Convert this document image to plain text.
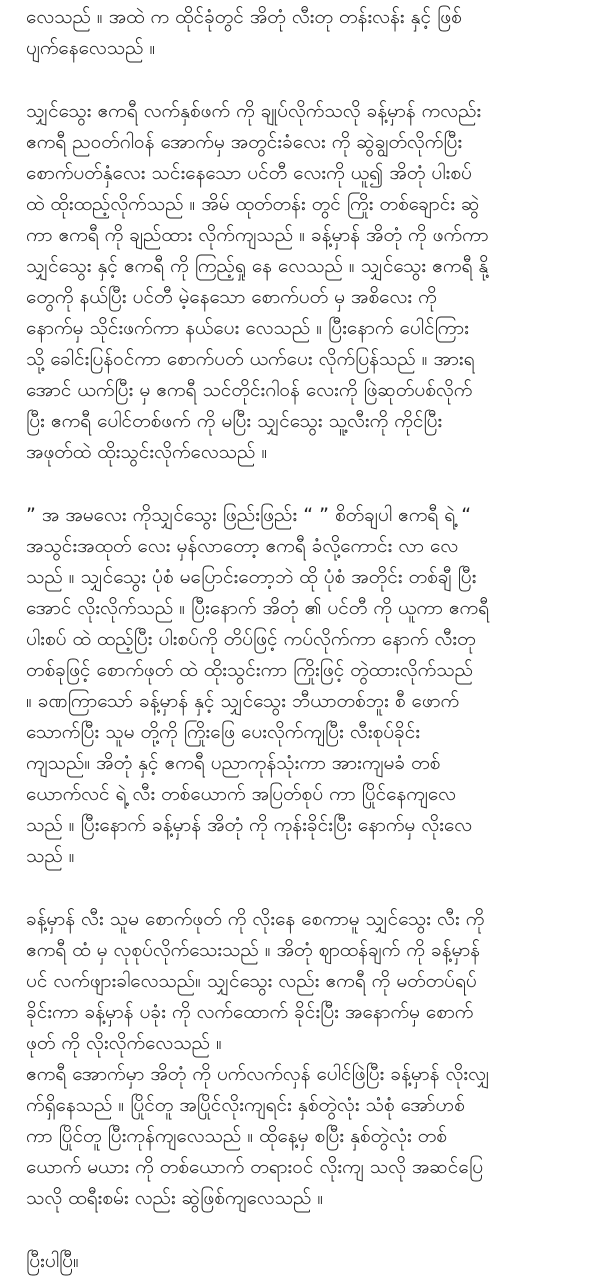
လေသည် ။ အထဲ က ထိုင်ခုံတွင် အိတုံ လီးတု တန်းလန်း နှင့် ဖြစ်
ပျက်နေလေသည် ။
သျှင်သွေး ဧကရီ လက်နှစ်ဖက် ကို ချုပ်လိုက်သလို ခန့်မှာန် ကလည်း
ဧကရီ ညဝတ်ဂါဝန် အောက်မှ အတွင်းခံလေး ကို ဆွဲချွတ်လိုက်ပြီး
စောက်ပတ်နှံလေး သင်းနေသော ပင်တီ လေးကို ယူ၍ အိတုံ ပါးစပ်
ထဲ ထိုးထည့်လိုက်သည် ။ အိမ် ထုတ်တန်း တွင် ကြိုး တစ်ချောင်း ဆွဲ
ကာ ဧကရီ ကို ချည်ထား လိုက်ကျသည် ။ ခန့်မှာန် အိတုံ ကို ဖက်ကာ
သျှင်သွေး နှင့် ဧကရီ ကို ကြည့်ရှု နေ လေသည် ။ သျှင်သွေး ဧကရီ နို့
တွေကို နယ်ပြီး ပင်တီ မဲ့နေသော စောက်ပတ် မှ အစိလေး ကို
နောက်မှ သိုင်းဖက်ကာ နယ်ပေး လေသည် ။ ပြီးနောက် ပေါင်ကြား
သို့ ခေါင်းပြန်ဝင်ကာ စောက်ပတ် ယက်ပေး လိုက်ပြန်သည် ။ အားရ
အောင် ယက်ပြီး မှ ဧကရီ သင်တိုင်းဂါဝန် လေးကို ဖြဲဆုတ်ပစ်လိုက်
ပြီး ဧကရီ ပေါင်တစ်ဖက် ကို မပြီး သျှင်သွေး သူ့လီးကို ကိုင်ပြီး
အဖုတ်ထဲ ထိုးသွင်းလိုက်လေသည် ။
” အ အမလေး ကိုသျှင်သွေး ဖြည်းဖြည်း “ ” စိတ်ချပါ ဧကရီ ရဲ့ “
အသွင်းအထုတ် လေး မှန်လာတော့ ဧကရီ ခံလို့ကောင်း လာ လေ
သည် ။ သျှင်သွေး ပုံစံ မပြောင်းတော့ဘဲ ထို ပုံစံ အတိုင်း တစ်ချီ ပြီး
အောင် လိုးလိုက်သည် ။ ပြီးနောက် အိတုံ ၏ ပင်တီ ကို ယူကာ ဧကရီ
ပါးစပ် ထဲ ထည့်ပြီး ပါးစပ်ကို တိပ်ဖြင့် ကပ်လိုက်ကာ နောက် လီးတု
တစ်ခုဖြင့် စောက်ဖုတ် ထဲ ထိုးသွင်းကာ ကြိုးဖြင့် တွဲထားလိုက်သည်
။ ခဏကြာသော် ခန့်မှာန် နှင့် သျှင်သွေး ဘီယာတစ်ဘူး စီ ဖောက်
သောက်ပြီး သူမ တို့ကို ကြိုးဖြေ ပေးလိုက်ကျပြီး လီးစုပ်ခိုင်း
ကျသည်။ အိတုံ နှင့် ဧကရီ ပညာကုန်သုံးကာ အားကျမခံ တစ်
ယောက်လင် ရဲ့ လီး တစ်ယောက် အပြတ်စုပ် ကာ ပြိုင်နေကျလေ
သည် ။ ပြီးနောက် ခန့်မှာန် အိတုံ ကို ကုန်းခိုင်းပြီး နောက်မှ လိုးလေ
သည် ။
ခန့်မှာန် လီး သူမ စောက်ဖုတ် ကို လိုးနေ စေကာမူ သျှင်သွေး လီး ကို
ဧကရီ ထံ မှ လုစုပ်လိုက်သေးသည် ။ အိတုံ ဈာထန်ချက် ကို ခန့်မှာန်
ပင် လက်ဖျားခါလေသည်။ သျှင်သွေး လည်း ဧကရီ ကို မတ်တပ်ရပ်
ခိုင်းကာ ခန့်မှာန် ပခုံး ကို လက်ထောက် ခိုင်းပြီး အနောက်မှ စောက်
ဖုတ် ကို လိုးလိုက်လေသည် ။
ဧကရီ အောက်မှာ အိတုံ ကို ပက်လက်လှန် ပေါင်ဖြဲပြီး ခန့်မှာန် လိုးလျှ
က်ရှိနေသည် ။ ပြိုင်တူ အပြိုင်လိုးကျရင်း နှစ်တွဲလုံး သံစုံ အော်ဟစ်
ကာ ပြိုင်တူ ပြီးကုန်ကျလေသည် ။ ထိုနေ့မှ စပြီး နှစ်တွဲလုံး တစ်
ယောက် မယား ကို တစ်ယောက် တရားဝင် လိုးကျ သလို အဆင်ပြေ
သလို ထရီးစမ်း လည်း ဆွဲဖြစ်ကျလေသည် ။
ပြီးပါပြီ။
